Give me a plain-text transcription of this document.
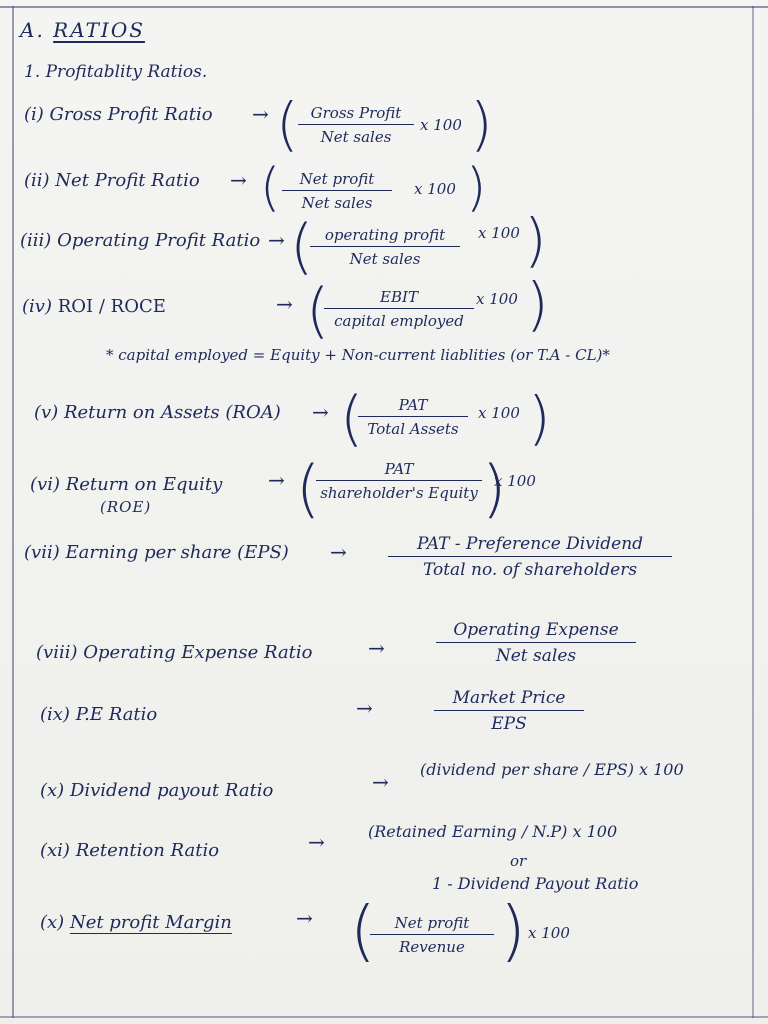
A. RATIOS
1. Profitablity Ratios.
(i) Gross Profit Ratio → ( Gross Profit
Net sales
x 100 )
(ii) Net Profit Ratio → (	Net profit
Net sales
x 100 )
(iii) Operating Profit Ratio → ( operating profit
Net sales
x 100 )
(iv) ROI / ROCE	→ (	EBIT
capital employed
x 100 )
* capital employed = Equity + Non-current liablities (or T.A - CL)*
(v) Return on Assets (ROA) → (	PAT
Total Assets
x 100 )
(vi) Return on Equity
(ROE)
→ (	PAT
shareholder's Equity )
x 100
(vii) Earning per share (EPS) →	PAT - Preference Dividend
Total no. of shareholders
(viii) Operating Expense Ratio	→
Operating Expense
Net sales
(ix) P.E Ratio	→	Market Price
EPS
(x) Dividend payout Ratio	→
(dividend per share / EPS) x 100
(xi) Retention Ratio	→	(Retained Earning / N.P) x 100
or
1 - Dividend Payout Ratio
(x) Net profit Margin	→ (	Net profit
Revenue ) x 100
